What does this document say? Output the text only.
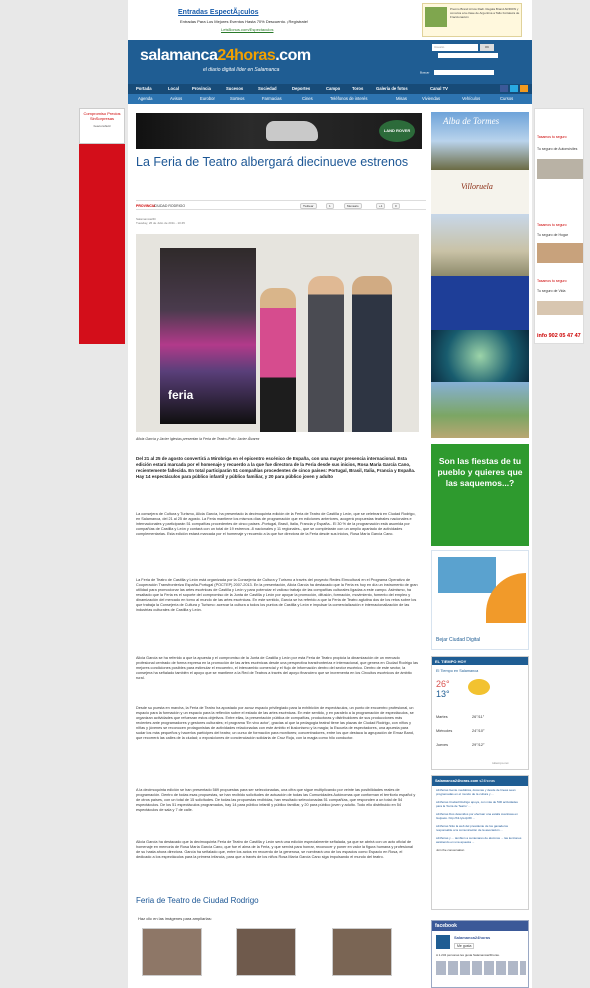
Compromiso Precios SinSorpresas
beaconsfield
Tasamos tu seguro
Tu seguro de Automóviles
Tasamos tu seguro
Tu seguro de Hogar
Tasamos tu seguro
Tu seguro de Vida
info 902 05 47 47
Entradas EspectÃ¡culos
Entradas Para Los Mejores Eventos Hasta 70% Descuento. ¡Regístrate!
LetsBonus.com/Espectaculos
Premio Brand Arrow Radi. Regala Brand ARROW y conozca a la clase de Argentina a Tallo Fortaleza de Fraccionación
salamanca24horas.com
el diario digital líder en Salamanca
Usuario	OK
Buscar
Portada	Local	Provincia	Sucesos	Sociedad	Deportes	Campo	Toros	Galería de fotos	Canal TV
Agenda	Avisos	Eurobor	Sorteos	Farmacias	Cines	Teléfonos de interés	Misas	Viviendas	Vehículos	Cursos
LAND ROVER
La Feria de Teatro albergará diecinueve estrenos
PROVINCIA
CIUDAD RODRIGO	Twittear	1	Menéalo	+1	0
Salamanca24h
Tuesday, 26 de Julio de 2011 - 10:45
feria
Alicia García y Javier Iglesias presentan la Feria de Teatro./Foto: Javier Álvarez
Del 21 al 25 de agosto convertirá a Mirobriga en el epicentro escénico de España, con una mayor presencia internacional. Esta edición estará marcada por el homenaje y recuerdo a la que fue directora de la Feria desde sus inicios, Rosa María García Cano, recientemente fallecida. En total participarán 51 compañías procedentes de cinco países: Portugal, Brasil, Italia, Francia y España. Hay 14 espectáculos para público infantil y público familiar, y 20 para público joven y adulto
La consejera de Cultura y Turismo, Alicia García, ha presentado la decimoquinta edición de la Feria de Teatro de Castilla y León, que se celebrará en Ciudad Rodrigo, en Salamanca, del 21 al 25 de agosto. La Feria mantiene los mismos días de programación que en ediciones anteriores, acogerá propuestas teatrales nacionales e internacionales y participarán 51 compañías procedentes de cinco países -Portugal, Brasil, Italia, Francia y España-. El 30 % de la programación está asumida por compañías de Castilla y León y contará con un total de 19 estrenos -8 nacionales y 11 regionales-, que se completarán con un amplio apartado de actividades complementarias. Esta edición estará marcada por el homenaje y recuerdo a la que fue directora de la Feria desde sus inicios, Rosa María García Cano.
La Feria de Teatro de Castilla y León está organizada por la Consejería de Cultura y Turismo a través del proyecto Redes Eimcultural en el Programa Operativo de Cooperación Transfronteriza España-Portugal (POCTEP) 2007-2013. En la presentación, Alicia García ha destacado que la Feria es hoy en día un instrumento de gran utilidad para promocionar las artes escénicas de Castilla y León y para potenciar el valioso trabajo de las compañías culturales ligadas a este campo. Asimismo, ha resaltado que la Feria es el soporte del compromiso de la Junta de Castilla y León por apoyar la promoción, difusión, formación, movimiento, fomento del empleo y dinamización del mercado en torno al mundo de las artes escénicas. En este sentido, García se ha referido a que la Feria de Teatro aglutina dos de los retos sobre los que trabaja la Consejería de Cultura y Turismo: acercar la cultura a todos los puntos de Castilla y León e impulsar la comercialización e internacionalización de las industrias culturales de Castilla y León.
Alicia García se ha referido a que la apuesta y el compromiso de la Junta de Castilla y León por esta Feria de Teatro propicia la dinamización de un mercado profesional centrado de forma expresa en la promoción de las artes escénicas desde una perspectiva transfronteriza e internacional, que genera en Ciudad Rodrigo las mejores condiciones posibles para estimular el encuentro, el intercambio comercial y el flujo de información dentro del sector escénico. Dentro de este sector, la consejera ha señalado también el apoyo que se mantiene a la Red de Teatros a través del apoyo financiero que se incrementa en los Circuitos escénicos de ámbito rural.
Desde su puesta en marcha, la Feria de Teatro ha apostado por acruz espacio privilegiado para la exhibición de espectáculos, un punto de encuentro profesional, un espacio para la formación y un espacio para la reflexión sobre el estado de las artes escénicas. En este sentido, y en paralelo a la programación de espectáculos, se organizan actividades que refuerzan estos objetivos. Entre ellas, la presentación pública de compañías, productoras y distribuidores de sus producciones más recientes ante programadores y gestores culturales; el programa 'En vivo actor', gracias al que la pedagogía teatral tiene las plazas de Ciudad Rodrigo, con niños y niñas y jóvenes se reconocen protagonistas de actividades relacionadas con este ámbito el ilusionismo y la magia; la Escuela de espectadores, una apuesta para sudar los más pequeños y hacerlos partícipes del teatro; un curso de formación para monitores; concentradores, entre los que destaca la agrupación de Ernaz Band, que recorrerá las calles de la ciudad; o exposiciones de concienciación solidaria de Cruz Roja, con la magia como hilo conductor.
A la decimoquinta edición se han presentado 589 propuestas para ser seleccionadas, una cifra que sigue multiplicando por veinte las posibilidades reales de programación. Dentro de todas esas propuestas, se han recibido solicitudes de actuación de todas las Comunidades Autónomas que conforman el territorio español y de otros países, con un total de 15 solicitudes. De todas las propuestas recibidas, han resultado seleccionadas 51 compañías, que responden a un total de 54 espectáculos. De los 51 espectáculos programados, hay 14 para público infantil y público familiar, y 20 para público joven y adulto. Todo ello distribuido en 54 espectáculos de sala y 7 de calle.
Alicia García ha destacado que la decimoquinta Feria de Teatro de Castilla y León será una edición especialmente señalada, ya que se abrirá con un acto oficial de homenaje en memoria de Rosa María García Cano, que fue el alma de la Feria, y que servirá para honrar, reconocer y poner en valor la figura humana y profesional de su hasta ahora directora. García ha señalado que, entre los actos en recuerdo de la generosa, se nombrará uno de los espacios como Espacio en Rosa, el dedicado a los espectáculos para la primera infancia, para que a través de los niños Rosa María García Cano siga impulsando el mundo del teatro.
Feria de Teatro de Ciudad Rodrigo
Haz clic en las imágenes para ampliarlas:
Alba de Tormes
Villoruela
Son las fiestas de tu pueblo y quieres que las saquemos...?
Bejar Ciudad Digital
EL TIEMPO HOY
El Tiempo en Salamanca
26°
13°
Martes	26°/11°
Miércoles	24°/10°
Jueves	29°/12°
tutiempo.net
Salamanca24horas.com s24horas
s24horas Gente mediática, docenas y desde de lineas sean programadas en el mundo de la cultura y ...
s24horas Ciudad Rodrigo apoya, con más de 500 actividades para la 'Feria de Teatro' ...
s24horas Dos detenidos por efectuar una estafa cuantiosa en Guijuelo. http://bit.ly/eJp3D ...
s24horas Sitio la web del presidente de los ganaderos responsable a la comunicación de la asociación ...
s24horas y ... también a centenares de alumnos ... las lecciones asistiendo en una apuesta ...
Join the conversation
facebook
Salamanca24horas
Me gusta
A 1.234 personas les gusta Salamanca24horas.
